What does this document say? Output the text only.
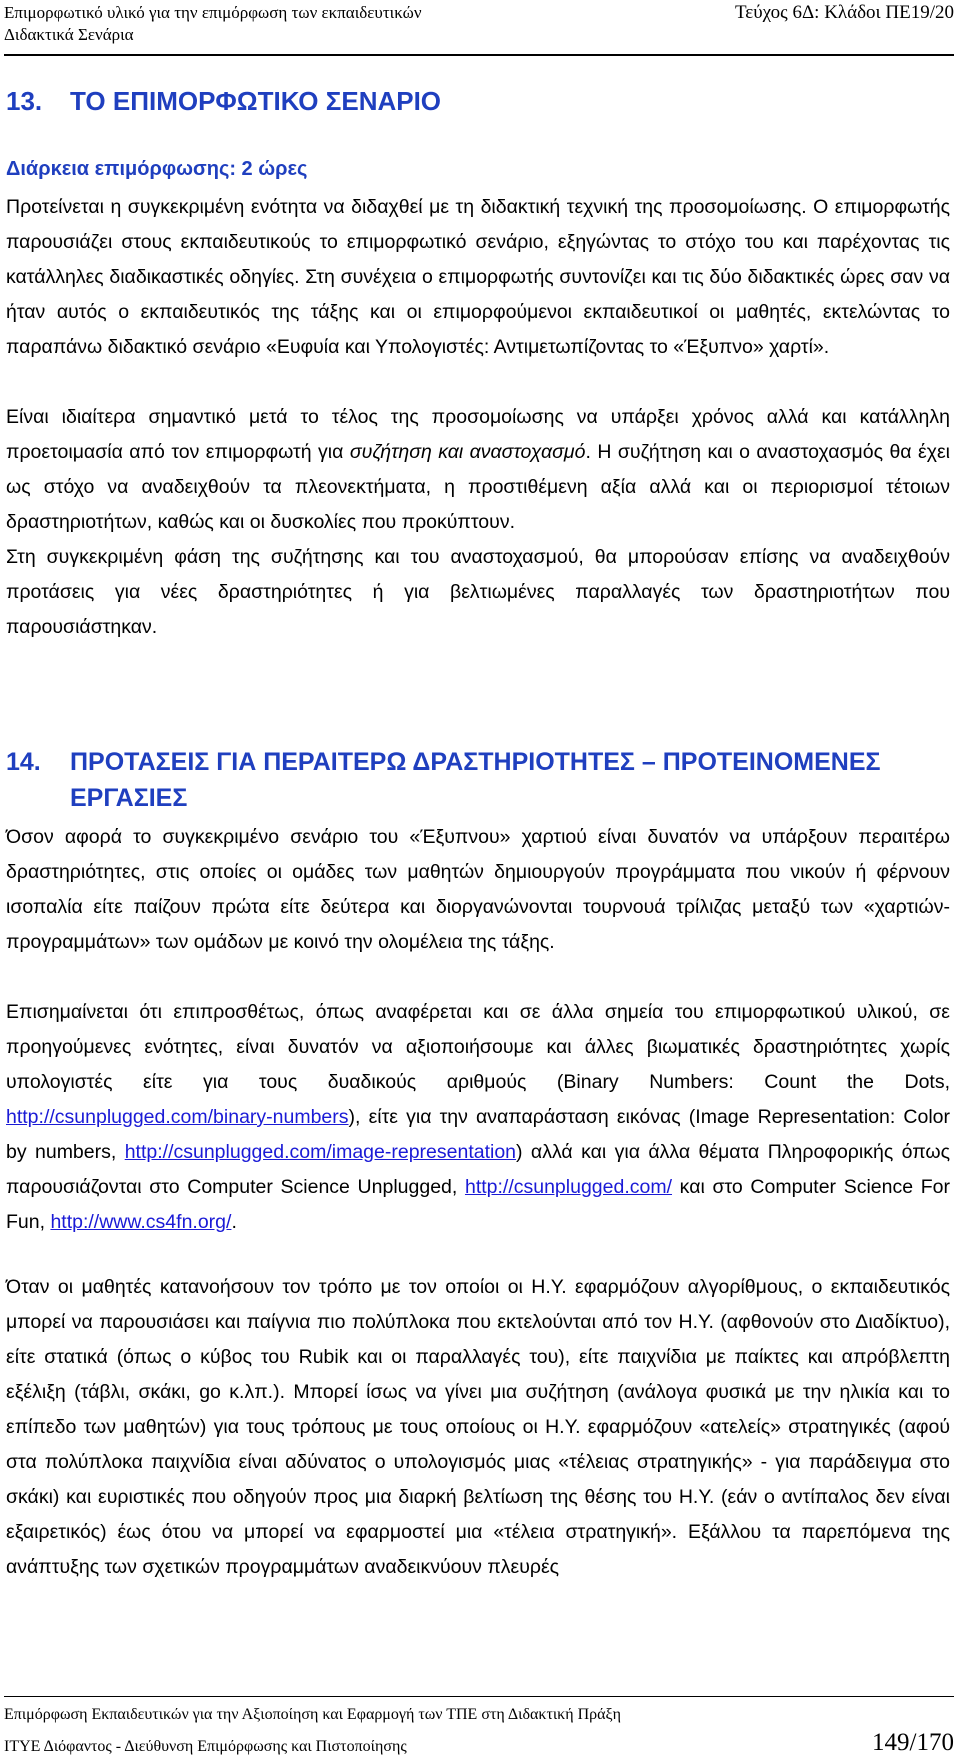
Επιμορφωτικό υλικό για την επιμόρφωση των εκπαιδευτικών
Διδακτικά Σενάρια
Τεύχος 6Δ: Κλάδοι ΠΕ19/20
13. ΤΟ ΕΠΙΜΟΡΦΩΤΙΚΟ ΣΕΝΑΡΙΟ
Διάρκεια επιμόρφωσης: 2 ώρες

Προτείνεται η συγκεκριμένη ενότητα να διδαχθεί με τη διδακτική τεχνική της προσομοίωσης. Ο επιμορφωτής παρουσιάζει στους εκπαιδευτικούς το επιμορφωτικό σενάριο, εξηγώντας το στόχο του και παρέχοντας τις κατάλληλες διαδικαστικές οδηγίες. Στη συνέχεια ο επιμορφωτής συντονίζει και τις δύο διδακτικές ώρες σαν να ήταν αυτός ο εκπαιδευτικός της τάξης και οι επιμορφούμενοι εκπαιδευτικοί οι μαθητές, εκτελώντας το παραπάνω διδακτικό σενάριο «Ευφυία και Υπολογιστές: Αντιμετωπίζοντας το «Έξυπνο» χαρτί».

Είναι ιδιαίτερα σημαντικό μετά το τέλος της προσομοίωσης να υπάρξει χρόνος αλλά και κατάλληλη προετοιμασία από τον επιμορφωτή για συζήτηση και αναστοχασμό. Η συζήτηση και ο αναστοχασμός θα έχει ως στόχο να αναδειχθούν τα πλεονεκτήματα, η προστιθέμενη αξία αλλά και οι περιορισμοί τέτοιων δραστηριοτήτων, καθώς και οι δυσκολίες που προκύπτουν.

Στη συγκεκριμένη φάση της συζήτησης και του αναστοχασμού, θα μπορούσαν επίσης να αναδειχθούν προτάσεις για νέες δραστηριότητες ή για βελτιωμένες παραλλαγές των δραστηριοτήτων που παρουσιάστηκαν.

14. ΠΡΟΤΑΣΕΙΣ ΓΙΑ ΠΕΡΑΙΤΕΡΩ ΔΡΑΣΤΗΡΙΟΤΗΤΕΣ – ΠΡΟΤΕΙΝΟΜΕΝΕΣ
ΕΡΓΑΣΙΕΣ

Όσον αφορά το συγκεκριμένο σενάριο του «Έξυπνου» χαρτιού είναι δυνατόν να υπάρξουν περαιτέρω δραστηριότητες, στις οποίες οι ομάδες των μαθητών δημιουργούν προγράμματα που νικούν ή φέρνουν ισοπαλία είτε παίζουν πρώτα είτε δεύτερα και διοργανώνονται τουρνουά τρίλιζας μεταξύ των «χαρτιών-προγραμμάτων» των ομάδων με κοινό την ολομέλεια της τάξης.

Επισημαίνεται ότι επιπροσθέτως, όπως αναφέρεται και σε άλλα σημεία του επιμορφωτικού υλικού, σε προηγούμενες ενότητες, είναι δυνατόν να αξιοποιήσουμε και άλλες βιωματικές δραστηριότητες χωρίς υπολογιστές είτε για τους δυαδικούς αριθμούς (Binary Numbers: Count the Dots, http://csunplugged.com/binary-numbers), είτε για την αναπαράσταση εικόνας (Image Representation: Color by numbers, http://csunplugged.com/image-representation) αλλά και για άλλα θέματα Πληροφορικής όπως παρουσιάζονται στο Computer Science Unplugged, http://csunplugged.com/ και στο Computer Science For Fun, http://www.cs4fn.org/.

Όταν οι μαθητές κατανοήσουν τον τρόπο με τον οποίοι οι Η.Υ. εφαρμόζουν αλγορίθμους, ο εκπαιδευτικός μπορεί να παρουσιάσει και παίγνια πιο πολύπλοκα που εκτελούνται από τον Η.Υ. (αφθονούν στο Διαδίκτυο), είτε στατικά (όπως ο κύβος του Rubik και οι παραλλαγές του), είτε παιχνίδια με παίκτες και απρόβλεπτη εξέλιξη (τάβλι, σκάκι, go κ.λπ.). Μπορεί ίσως να γίνει μια συζήτηση (ανάλογα φυσικά με την ηλικία και το επίπεδο των μαθητών) για τους τρόπους με τους οποίους οι Η.Υ. εφαρμόζουν «ατελείς» στρατηγικές (αφού στα πολύπλοκα παιχνίδια είναι αδύνατος ο υπολογισμός μιας «τέλειας στρατηγικής» - για παράδειγμα στο σκάκι) και ευριστικές που οδηγούν προς μια διαρκή βελτίωση της θέσης του Η.Υ. (εάν ο αντίπαλος δεν είναι εξαιρετικός) έως ότου να μπορεί να εφαρμοστεί μια «τέλεια στρατηγική». Εξάλλου τα παρεπόμενα της ανάπτυξης των σχετικών προγραμμάτων αναδεικνύουν πλευρές

Επιμόρφωση Εκπαιδευτικών για την Αξιοποίηση και Εφαρμογή των ΤΠΕ στη Διδακτική Πράξη
ΙΤΥΕ Διόφαντος - Διεύθυνση Επιμόρφωσης και Πιστοποίησης	149/170
